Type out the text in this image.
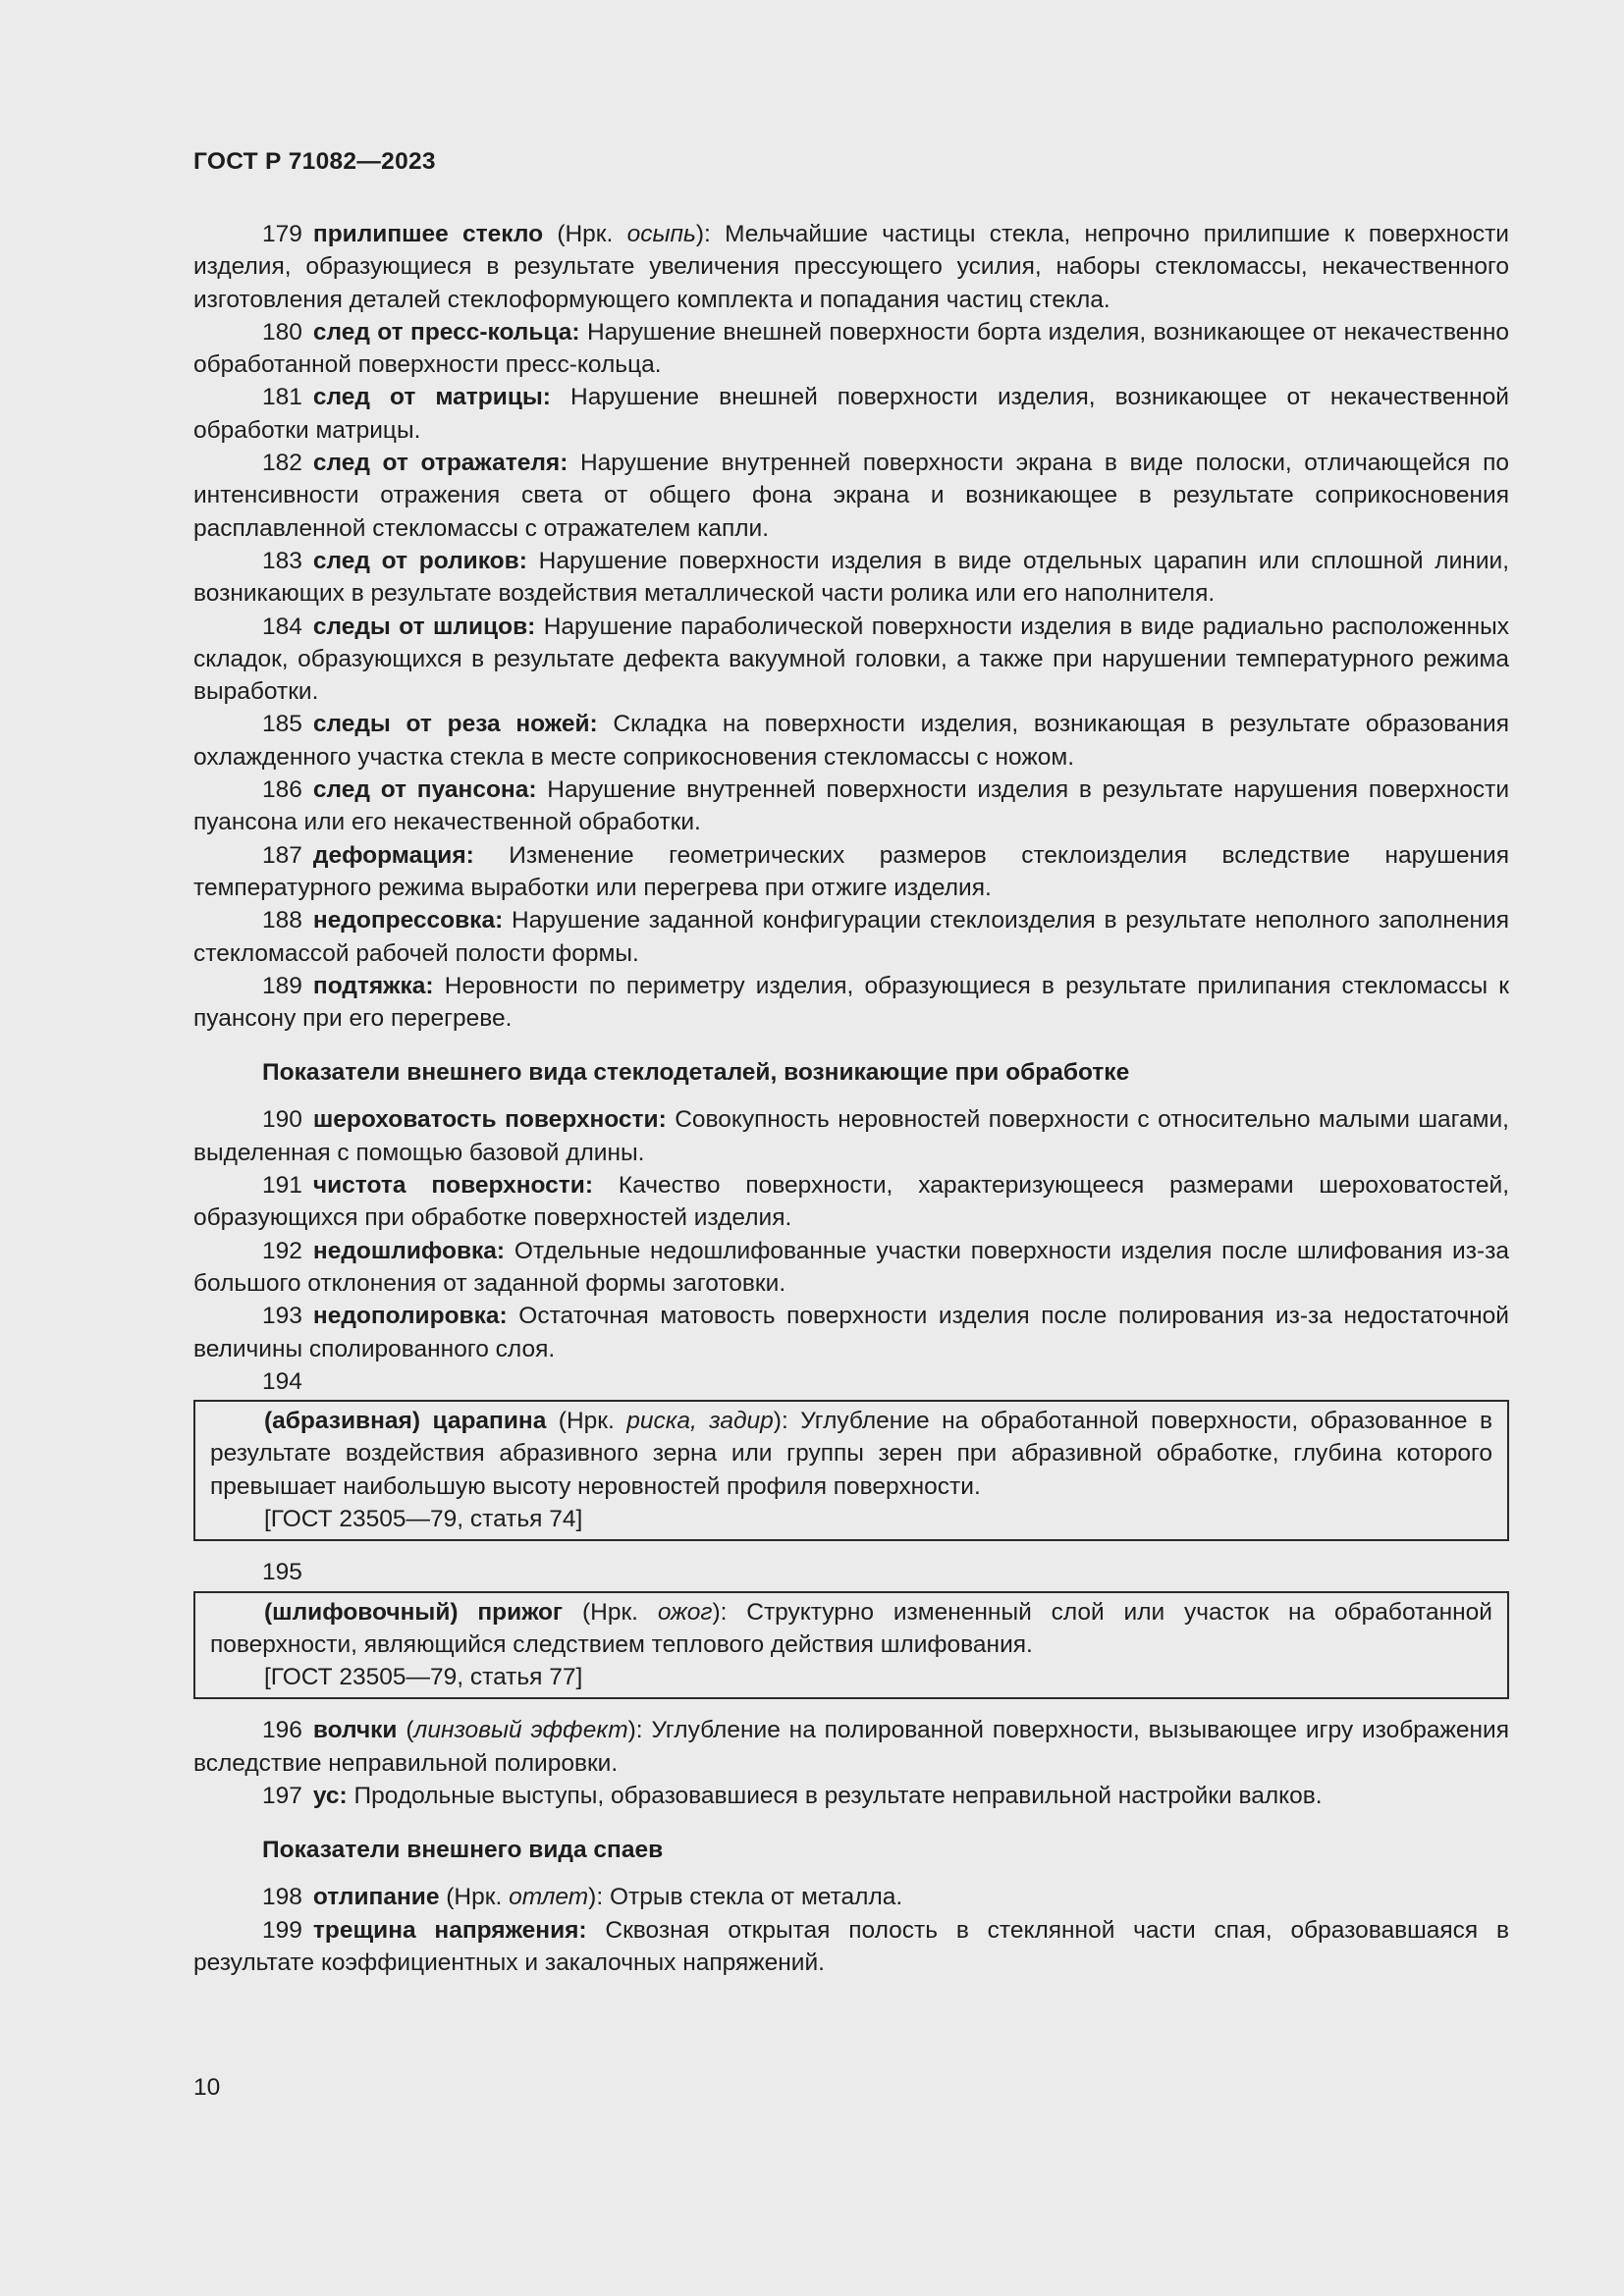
ГОСТ Р 71082—2023

179 прилипшее стекло (Нрк. осыпь): Мельчайшие частицы стекла, непрочно прилипшие к поверхности изделия, образующиеся в результате увеличения прессующего усилия, наборы стекломассы, некачественного изготовления деталей стеклоформующего комплекта и попадания частиц стекла.

180 след от пресс-кольца: Нарушение внешней поверхности борта изделия, возникающее от некачественно обработанной поверхности пресс-кольца.

181 след от матрицы: Нарушение внешней поверхности изделия, возникающее от некачественной обработки матрицы.

182 след от отражателя: Нарушение внутренней поверхности экрана в виде полоски, отличающейся по интенсивности отражения света от общего фона экрана и возникающее в результате соприкосновения расплавленной стекломассы с отражателем капли.

183 след от роликов: Нарушение поверхности изделия в виде отдельных царапин или сплошной линии, возникающих в результате воздействия металлической части ролика или его наполнителя.

184 следы от шлицов: Нарушение параболической поверхности изделия в виде радиально расположенных складок, образующихся в результате дефекта вакуумной головки, а также при нарушении температурного режима выработки.

185 следы от реза ножей: Складка на поверхности изделия, возникающая в результате образования охлажденного участка стекла в месте соприкосновения стекломассы с ножом.

186 след от пуансона: Нарушение внутренней поверхности изделия в результате нарушения поверхности пуансона или его некачественной обработки.

187 деформация: Изменение геометрических размеров стеклоизделия вследствие нарушения температурного режима выработки или перегрева при отжиге изделия.

188 недопрессовка: Нарушение заданной конфигурации стеклоизделия в результате неполного заполнения стекломассой рабочей полости формы.

189 подтяжка: Неровности по периметру изделия, образующиеся в результате прилипания стекломассы к пуансону при его перегреве.

Показатели внешнего вида стеклодеталей, возникающие при обработке

190 шероховатость поверхности: Совокупность неровностей поверхности с относительно малыми шагами, выделенная с помощью базовой длины.

191 чистота поверхности: Качество поверхности, характеризующееся размерами шероховатостей, образующихся при обработке поверхностей изделия.

192 недошлифовка: Отдельные недошлифованные участки поверхности изделия после шлифования из-за большого отклонения от заданной формы заготовки.

193 недополировка: Остаточная матовость поверхности изделия после полирования из-за недостаточной величины сполированного слоя.

194

(абразивная) царапина (Нрк. риска, задир): Углубление на обработанной поверхности, образованное в результате воздействия абразивного зерна или группы зерен при абразивной обработке, глубина которого превышает наибольшую высоту неровностей профиля поверхности.

[ГОСТ 23505—79, статья 74]
195

(шлифовочный) прижог (Нрк. ожог): Структурно измененный слой или участок на обработанной поверхности, являющийся следствием теплового действия шлифования.

[ГОСТ 23505—79, статья 77]

196 волчки (линзовый эффект): Углубление на полированной поверхности, вызывающее игру изображения вследствие неправильной полировки.

197 ус: Продольные выступы, образовавшиеся в результате неправильной настройки валков.

Показатели внешнего вида спаев

198 отлипание (Нрк. отлет): Отрыв стекла от металла.

199 трещина напряжения: Сквозная открытая полость в стеклянной части спая, образовавшаяся в результате коэффициентных и закалочных напряжений.

10
